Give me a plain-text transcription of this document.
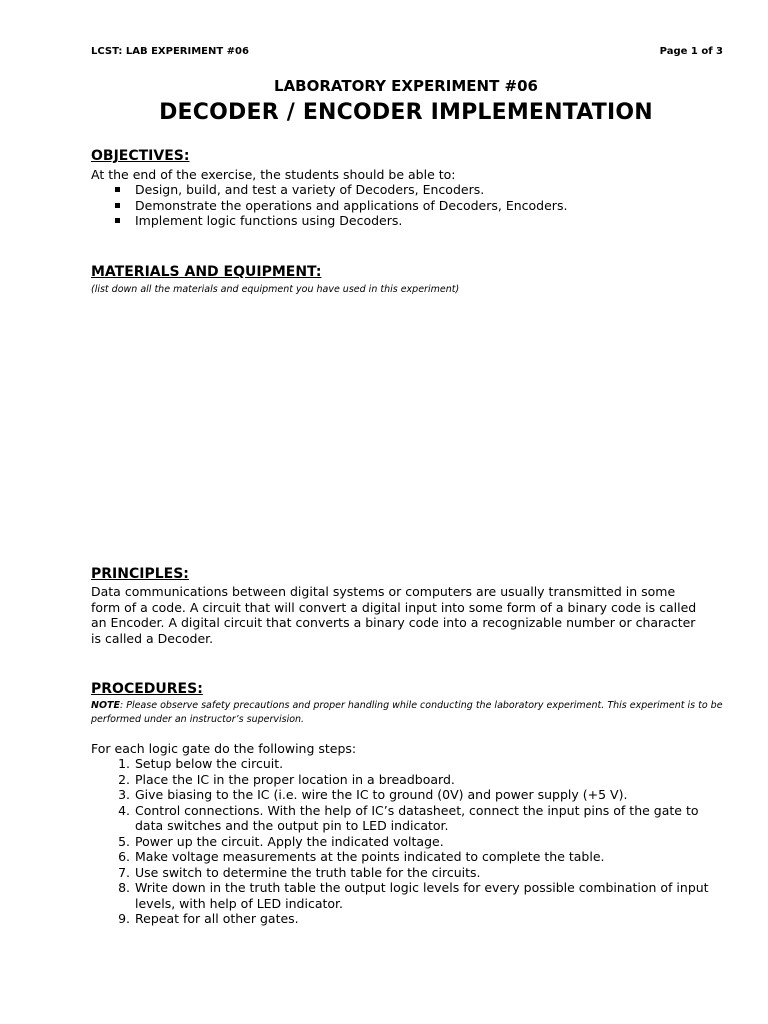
LCST: LAB EXPERIMENT #06	Page 1 of 3
LABORATORY EXPERIMENT #06
DECODER / ENCODER IMPLEMENTATION
OBJECTIVES:
At the end of the exercise, the students should be able to:
Design, build, and test a variety of Decoders, Encoders.
Demonstrate the operations and applications of Decoders, Encoders.
Implement logic functions using Decoders.
MATERIALS AND EQUIPMENT:
(list down all the materials and equipment you have used in this experiment)
PRINCIPLES:
Data communications between digital systems or computers are usually transmitted in some form of a code. A circuit that will convert a digital input into some form of a binary code is called an Encoder. A digital circuit that converts a binary code into a recognizable number or character is called a Decoder.
PROCEDURES:
NOTE: Please observe safety precautions and proper handling while conducting the laboratory experiment. This experiment is to be performed under an instructor’s supervision.
For each logic gate do the following steps:
1. Setup below the circuit.
2. Place the IC in the proper location in a breadboard.
3. Give biasing to the IC (i.e. wire the IC to ground (0V) and power supply (+5 V).
4. Control connections. With the help of IC’s datasheet, connect the input pins of the gate to data switches and the output pin to LED indicator.
5. Power up the circuit. Apply the indicated voltage.
6. Make voltage measurements at the points indicated to complete the table.
7. Use switch to determine the truth table for the circuits.
8. Write down in the truth table the output logic levels for every possible combination of input levels, with help of LED indicator.
9. Repeat for all other gates.
